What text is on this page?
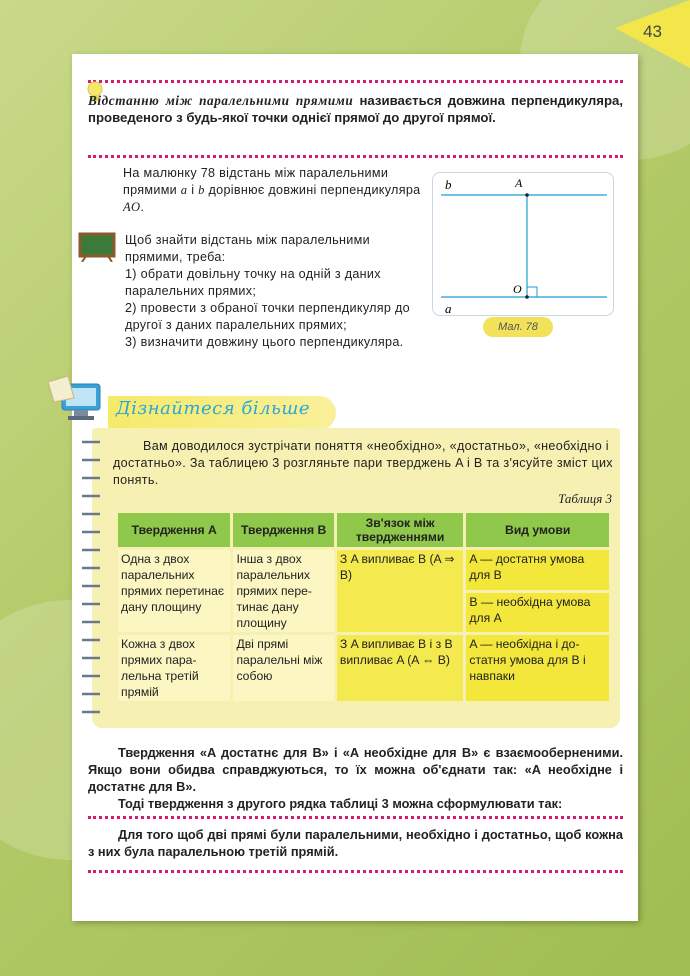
43
Відстанню між паралельними прямими називається довжина перпендикуляра, проведеного з будь-якої точки однієї прямої до другої прямої.
На малюнку 78 відстань між паралельними прямими а і b дорівнює довжині перпендикуляра AO.

Щоб знайти відстань між паралельними прямими, треба:

1) обрати довільну точку на одній з даних паралельних прямих;

2) провести з обраної точки перпендикуляр до другої з даних паралельних прямих;

3) визначити довжину цього перпендикуляра.

b
a
A
O
Мал. 78
Дізнайтеся більше
Вам доводилося зустрічати поняття «необхідно», «достатньо», «необхідно і достатньо». За таблицею 3 розгляньте пари тверджень A і B та з'ясуйте зміст цих понять.
Таблиця 3
Твердження A	Твердження B	Зв'язок між твердженнями	Вид умови
Одна з двох паралельних прямих перетинає дану площину	Інша з двох паралельних прямих перетинає дану площину	З A випливає B (A ⇒ B)	A — достатня умова для B
			B — необхідна умова для A
Кожна з двох прямих паралельна третій прямій	Дві прямі паралельні між собою	З A випливає B і з B випливає A (A ⇔ B)	A — необхідна і достатня умова для B і навпаки

Твердження «A достатнє для B» і «A необхідне для B» є взаємооберненими. Якщо вони обидва справджуються, то їх можна об'єднати так: «A необхідне і достатнє для B».

Тоді твердження з другого рядка таблиці 3 можна сформулювати так:

Для того щоб дві прямі були паралельними, необхідно і достатньо, щоб кожна з них була паралельною третій прямій.
